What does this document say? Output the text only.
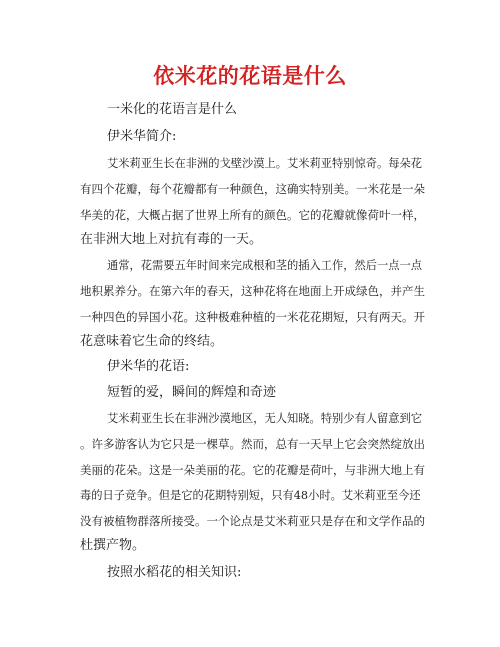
依米花的花语是什么

一米化的花语言是什么

伊米华简介:

艾米莉亚生长在非洲的戈壁沙漠上。艾米莉亚特别惊奇。每朵花

有四个花瓣，每个花瓣都有一种颜色，这确实特别美。一米花是一朵

华美的花，大概占据了世界上所有的颜色。它的花瓣就像荷叶一样，

在非洲大地上对抗有毒的一天。

通常，花需要五年时间来完成根和茎的插入工作，然后一点一点

地积累养分。在第六年的春天，这种花将在地面上开成绿色，并产生

一种四色的异国小花。这种极难种植的一米花花期短，只有两天。开

花意味着它生命的终结。

伊米华的花语:

短暂的爱，瞬间的辉煌和奇迹

艾米莉亚生长在非洲沙漠地区，无人知晓。特别少有人留意到它

。许多游客认为它只是一棵草。然而，总有一天早上它会突然绽放出

美丽的花朵。这是一朵美丽的花。它的花瓣是荷叶，与非洲大地上有

毒的日子竞争。但是它的花期特别短，只有48小时。艾米莉亚至今还

没有被植物群落所接受。一个论点是艾米莉亚只是存在和文学作品的

杜撰产物。

按照水稻花的相关知识:
